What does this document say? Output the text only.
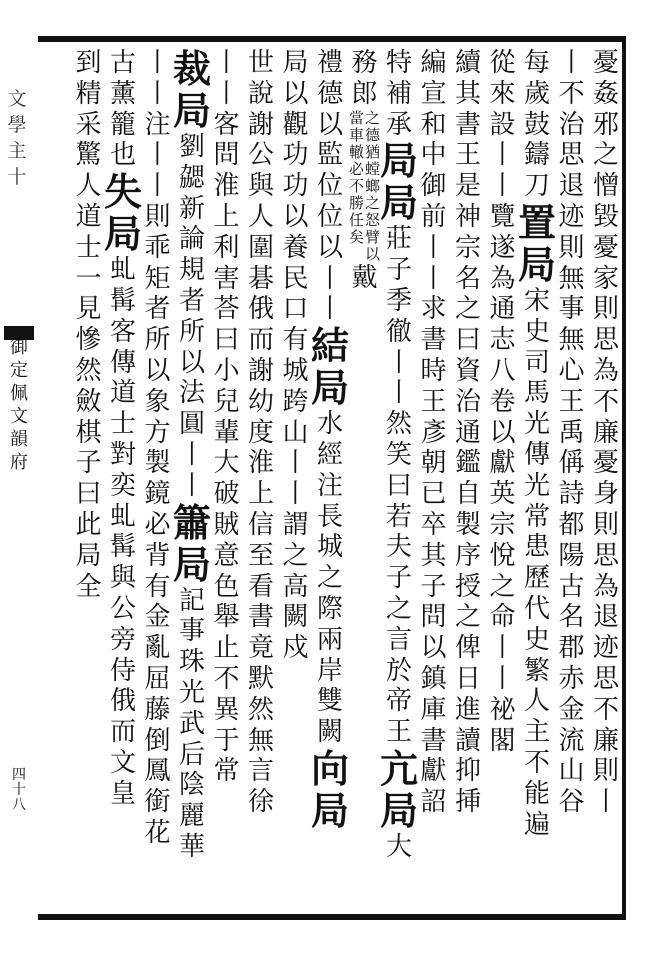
文學主十
御定佩文韻府
四十八
憂姦邪之憎毀憂家則思為不廉憂身則思為退迹思不廉則丨
丨不治思退迹則無事無心王禹偁詩都陽古名郡赤金流山谷
每歲鼓鑄刀
置局
宋史司馬光傳光常患歷代史繁人主不能遍
從來設丨丨
覽遂為通志八卷以獻英宗悅之命丨丨祕閣
續其書王是神宗名之曰資治通鑑自製序授之俾日進讀抑挿
編宣和中御前丨丨求書時王彥朝已卒其子問以鎮庫書獻詔
特補承
局局
莊子季徹丨丨然笑曰若夫子之言於帝王
亢局
大
務郎
當車轍必不勝任矣
之德猶螳螂之怒臂以
戴
禮德以監位位以丨丨
結局
水經注長城之際兩岸雙闕
向局
局以觀功功以養民
口有城跨山丨丨謂之高闕戍
世說謝公與人圍碁俄而謝幼度淮上信至看書竟默然無言徐
丨丨客問淮上利害荅曰小兒輩大破賊意色舉止不異于常
裁局
劉勰新論規者所以法圓丨丨
簫局
記事珠光武后陰麗華
丨丨注丨丨則乖矩者所以象方製鏡必背
有金亂屈藤倒鳳銜花
古薰籠也
失局
虬髯客傳道士對奕虬髯與公旁侍俄而文皇
到精采驚人道士一見慘然斂棋子曰此局全
